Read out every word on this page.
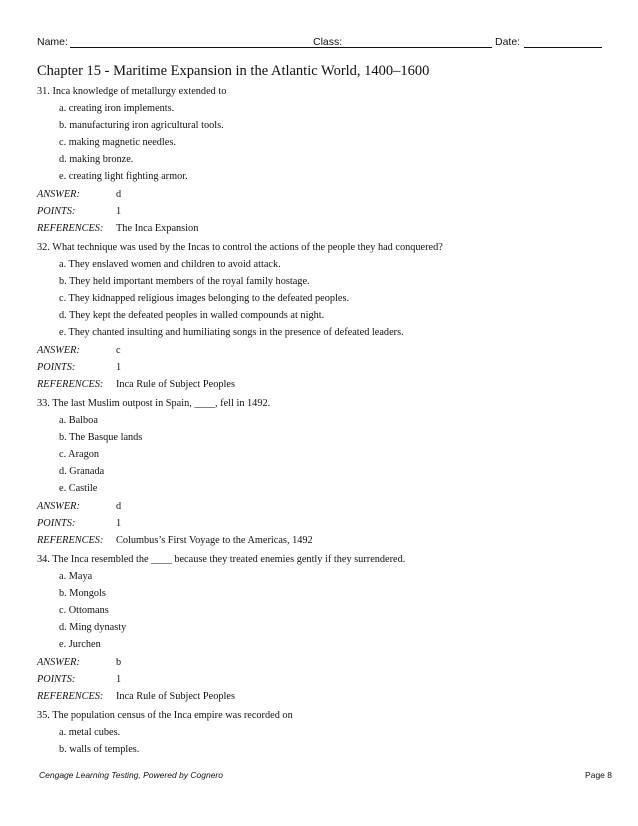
Name:	Class:	Date:
Chapter 15 - Maritime Expansion in the Atlantic World, 1400–1600
31. Inca knowledge of metallurgy extended to
a. creating iron implements.
b. manufacturing iron agricultural tools.
c. making magnetic needles.
d. making bronze.
e. creating light fighting armor.
ANSWER:	d
POINTS:	1
REFERENCES:	The Inca Expansion
32. What technique was used by the Incas to control the actions of the people they had conquered?
a. They enslaved women and children to avoid attack.
b. They held important members of the royal family hostage.
c. They kidnapped religious images belonging to the defeated peoples.
d. They kept the defeated peoples in walled compounds at night.
e. They chanted insulting and humiliating songs in the presence of defeated leaders.
ANSWER:	c
POINTS:	1
REFERENCES:	Inca Rule of Subject Peoples
33. The last Muslim outpost in Spain, ____, fell in 1492.
a. Balboa
b. The Basque lands
c. Aragon
d. Granada
e. Castile
ANSWER:	d
POINTS:	1
REFERENCES:	Columbus’s First Voyage to the Americas, 1492
34. The Inca resembled the ____ because they treated enemies gently if they surrendered.
a. Maya
b. Mongols
c. Ottomans
d. Ming dynasty
e. Jurchen
ANSWER:	b
POINTS:	1
REFERENCES:	Inca Rule of Subject Peoples
35. The population census of the Inca empire was recorded on
a. metal cubes.
b. walls of temples.
Cengage Learning Testing, Powered by Cognero	Page 8
